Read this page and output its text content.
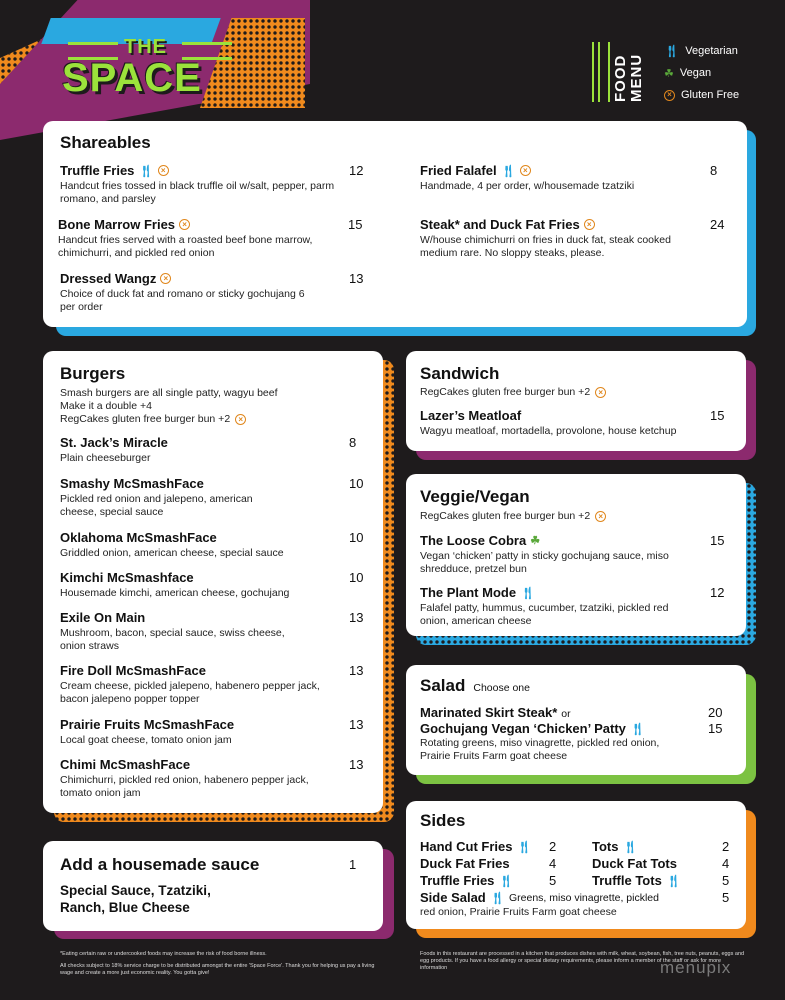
THE
SPACE	FOOD MENU
🍴︎ Vegetarian
☘ Vegan
× Gluten Free
Shareables
Truffle Fries 🍴︎ ×
Handcut fries tossed in black truffle oil w/salt, pepper, parm romano, and parsley
12
Bone Marrow Fries ×
Handcut fries served with a roasted beef bone marrow, chimichurri, and pickled red onion
15
Dressed Wangz ×
Choice of duck fat and romano or sticky gochujang 6 per order
13
Fried Falafel 🍴︎ ×
Handmade, 4 per order, w/housemade tzatziki
8
Steak* and Duck Fat Fries ×
W/house chimichurri on fries in duck fat, steak cooked medium rare. No sloppy steaks, please.
24
Burgers
Smash burgers are all single patty, wagyu beef
Make it a double +4
RegCakes gluten free burger bun +2	×
St. Jack’s Miracle
Plain cheeseburger
8
Smashy McSmashFace
Pickled red onion and jalepeno, american cheese, special sauce
10
Oklahoma McSmashFace
Griddled onion, american cheese, special sauce
10
Kimchi McSmashface
Housemade kimchi, american cheese, gochujang
10
Exile On Main
Mushroom, bacon, special sauce, swiss cheese, onion straws
13
Fire Doll McSmashFace
Cream cheese, pickled jalepeno, habenero pepper jack, bacon jalepeno popper topper
13
Prairie Fruits McSmashFace
Local goat cheese, tomato onion jam
13
Chimi McSmashFace
Chimichurri, pickled red onion, habenero pepper jack, tomato onion jam
13
Add a housemade sauce	1
Special Sauce, Tzatziki,
Ranch, Blue Cheese
Sandwich
RegCakes gluten free burger bun +2	×
Lazer’s Meatloaf
Wagyu meatloaf, mortadella, provolone, house ketchup
15
Veggie/Vegan
RegCakes gluten free burger bun +2	×
The Loose Cobra ☘
Vegan ‘chicken’ patty in sticky gochujang sauce, miso shredduce, pretzel bun
15
The Plant Mode 🍴︎
Falafel patty, hummus, cucumber, tzatziki, pickled red onion, american cheese
12
Salad Choose one
Marinated Skirt Steak* or	20
Gochujang Vegan ‘Chicken’ Patty 🍴︎	15
Rotating greens, miso vinagrette, pickled red onion, Prairie Fruits Farm goat cheese
Sides
Hand Cut Fries 🍴︎ 2
Duck Fat Fries	4
Truffle Fries 🍴︎	5
Tots 🍴︎	2
Duck Fat Tots	4
Truffle Tots 🍴︎	5
Side Salad 🍴︎ Greens, miso vinagrette, pickled
red onion, Prairie Fruits Farm goat cheese
5
*Eating certain raw or undercooked foods may increase the risk of food borne illness.
All checks subject to 18% service charge to be distributed amongst the entire 'Space Force'. Thank you for helping us pay a living wage and create a more just economic reality. You gotta give!
Foods in this restaurant are processed in a kitchen that produces dishes with milk, wheat, soybean, fish, tree nuts, peanuts, eggs and egg products. If you have a food allergy or special dietary requirements, please inform a member of the staff or ask for more information	menupix
